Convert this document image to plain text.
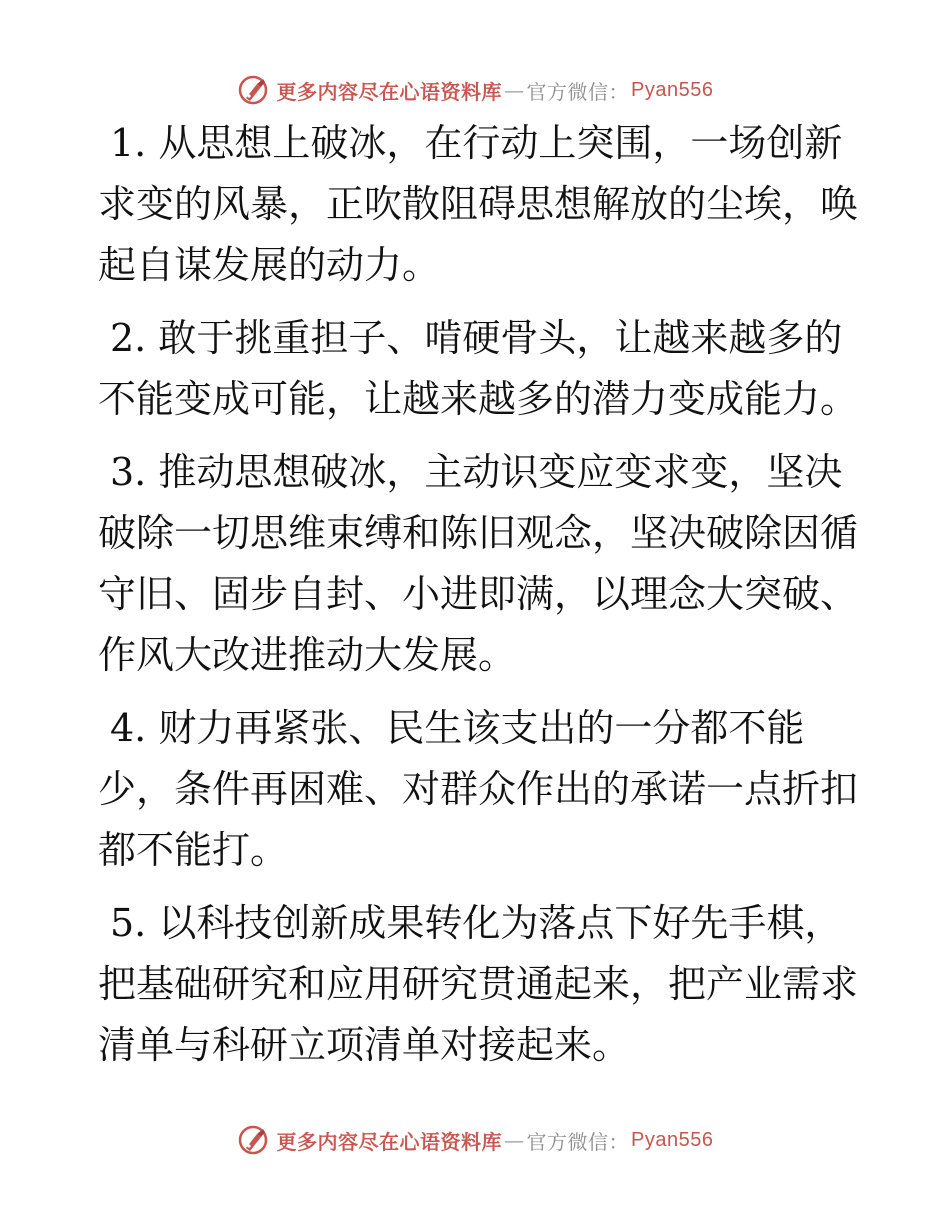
更多内容尽在心语资料库 — 官方微信： Pyan556

1. 从思想上破冰，在行动上突围，一场创新求变的风暴，正吹散阻碍思想解放的尘埃，唤起自谋发展的动力。

2. 敢于挑重担子、啃硬骨头，让越来越多的不能变成可能，让越来越多的潜力变成能力。

3. 推动思想破冰，主动识变应变求变，坚决破除一切思维束缚和陈旧观念，坚决破除因循守旧、固步自封、小进即满，以理念大突破、作风大改进推动大发展。

4. 财力再紧张、民生该支出的一分都不能少，条件再困难、对群众作出的承诺一点折扣都不能打。

5. 以科技创新成果转化为落点下好先手棋，把基础研究和应用研究贯通起来，把产业需求清单与科研立项清单对接起来。

更多内容尽在心语资料库 — 官方微信： Pyan556
